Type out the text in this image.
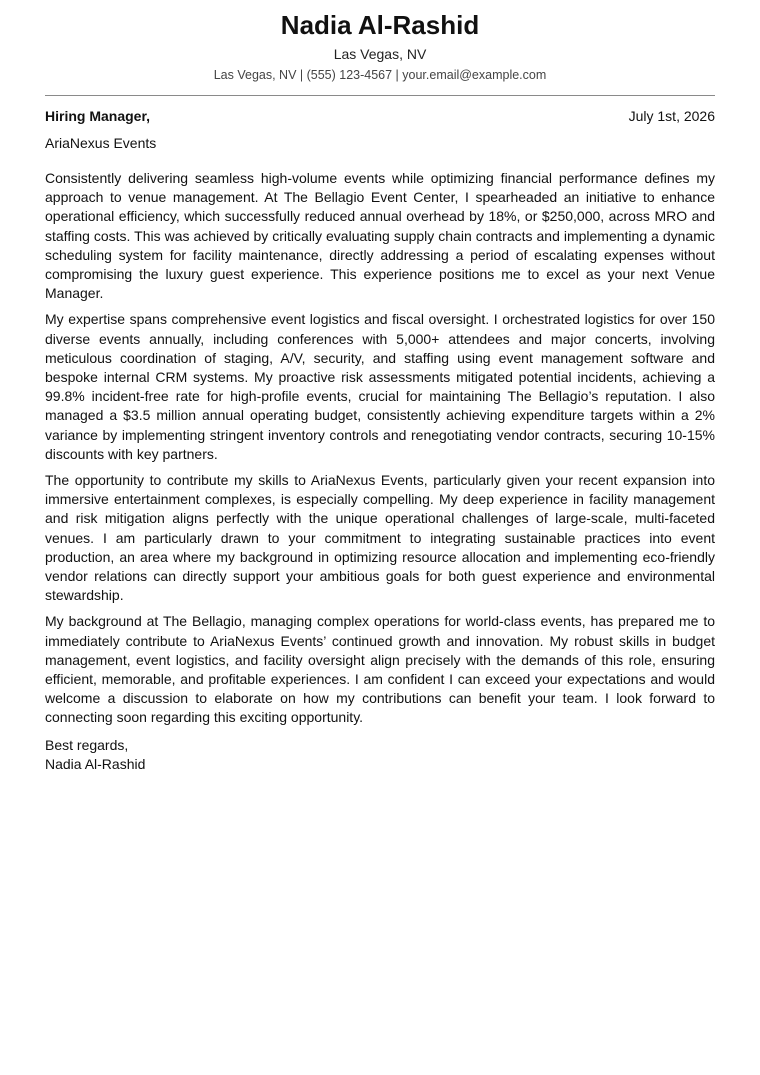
Nadia Al-Rashid
Las Vegas, NV
Las Vegas, NV | (555) 123-4567 | your.email@example.com
Hiring Manager,	July 1st, 2026
AriaNexus Events

Consistently delivering seamless high-volume events while optimizing financial performance defines my approach to venue management. At The Bellagio Event Center, I spearheaded an initiative to enhance operational efficiency, which successfully reduced annual overhead by 18%, or $250,000, across MRO and staffing costs. This was achieved by critically evaluating supply chain contracts and implementing a dynamic scheduling system for facility maintenance, directly addressing a period of escalating expenses without compromising the luxury guest experience. This experience positions me to excel as your next Venue Manager.

My expertise spans comprehensive event logistics and fiscal oversight. I orchestrated logistics for over 150 diverse events annually, including conferences with 5,000+ attendees and major concerts, involving meticulous coordination of staging, A/V, security, and staffing using event management software and bespoke internal CRM systems. My proactive risk assessments mitigated potential incidents, achieving a 99.8% incident-free rate for high-profile events, crucial for maintaining The Bellagio’s reputation. I also managed a $3.5 million annual operating budget, consistently achieving expenditure targets within a 2% variance by implementing stringent inventory controls and renegotiating vendor contracts, securing 10-15% discounts with key partners.

The opportunity to contribute my skills to AriaNexus Events, particularly given your recent expansion into immersive entertainment complexes, is especially compelling. My deep experience in facility management and risk mitigation aligns perfectly with the unique operational challenges of large-scale, multi-faceted venues. I am particularly drawn to your commitment to integrating sustainable practices into event production, an area where my background in optimizing resource allocation and implementing eco-friendly vendor relations can directly support your ambitious goals for both guest experience and environmental stewardship.

My background at The Bellagio, managing complex operations for world-class events, has prepared me to immediately contribute to AriaNexus Events’ continued growth and innovation. My robust skills in budget management, event logistics, and facility oversight align precisely with the demands of this role, ensuring efficient, memorable, and profitable experiences. I am confident I can exceed your expectations and would welcome a discussion to elaborate on how my contributions can benefit your team. I look forward to connecting soon regarding this exciting opportunity.

Best regards,
Nadia Al-Rashid
